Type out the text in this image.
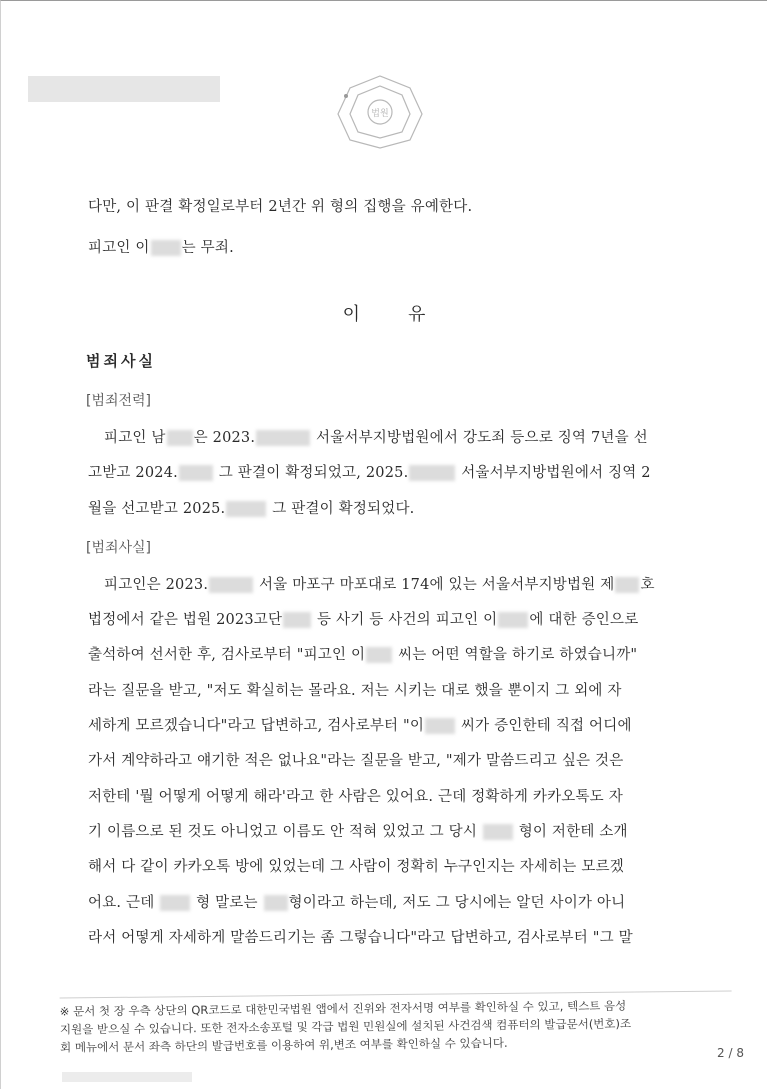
법원
다만, 이 판결 확정일로부터 2년간 위 형의 집행을 유예한다.
피고인 이 는 무죄.
이유
범죄사실
[범죄전력]
피고인 남 은 2023.	서울서부지방법원에서 강도죄 등으로 징역 7년을 선
고받고 2024.	그 판결이 확정되었고, 2025.	서울서부지방법원에서 징역 2
월을 선고받고 2025.	그 판결이 확정되었다.
[범죄사실]
피고인은 2023.	서울 마포구 마포대로 174에 있는 서울서부지방법원 제 호
법정에서 같은 법원 2023고단 등 사기 등 사건의 피고인 이 에 대한 증인으로
출석하여 선서한 후, 검사로부터 "피고인 이 씨는 어떤 역할을 하기로 하였습니까"
라는 질문을 받고, "저도 확실히는 몰라요. 저는 시키는 대로 했을 뿐이지 그 외에 자
세하게 모르겠습니다"라고 답변하고, 검사로부터 "이	씨가 증인한테 직접 어디에
가서 계약하라고 얘기한 적은 없나요"라는 질문을 받고, "제가 말씀드리고 싶은 것은
저한테 '뭘 어떻게 어떻게 해라'라고 한 사람은 있어요. 근데 정확하게 카카오톡도 자
기 이름으로 된 것도 아니었고 이름도 안 적혀 있었고 그 당시	형이 저한테 소개
해서 다 같이 카카오톡 방에 있었는데 그 사람이 정확히 누구인지는 자세히는 모르겠
어요. 근데	형 말로는 형이라고 하는데, 저도 그 당시에는 알던 사이가 아니
라서 어떻게 자세하게 말씀드리기는 좀 그렇습니다"라고 답변하고, 검사로부터 "그 말
※ 문서 첫 장 우측 상단의 QR코드로 대한민국법원 앱에서 진위와 전자서명 여부를 확인하실 수 있고, 텍스트 음성
지원을 받으실 수 있습니다. 또한 전자소송포털 및 각급 법원 민원실에 설치된 사건검색 컴퓨터의 발급문서(번호)조
회 메뉴에서 문서 좌측 하단의 발급번호를 이용하여 위,변조 여부를 확인하실 수 있습니다.	2 / 8
